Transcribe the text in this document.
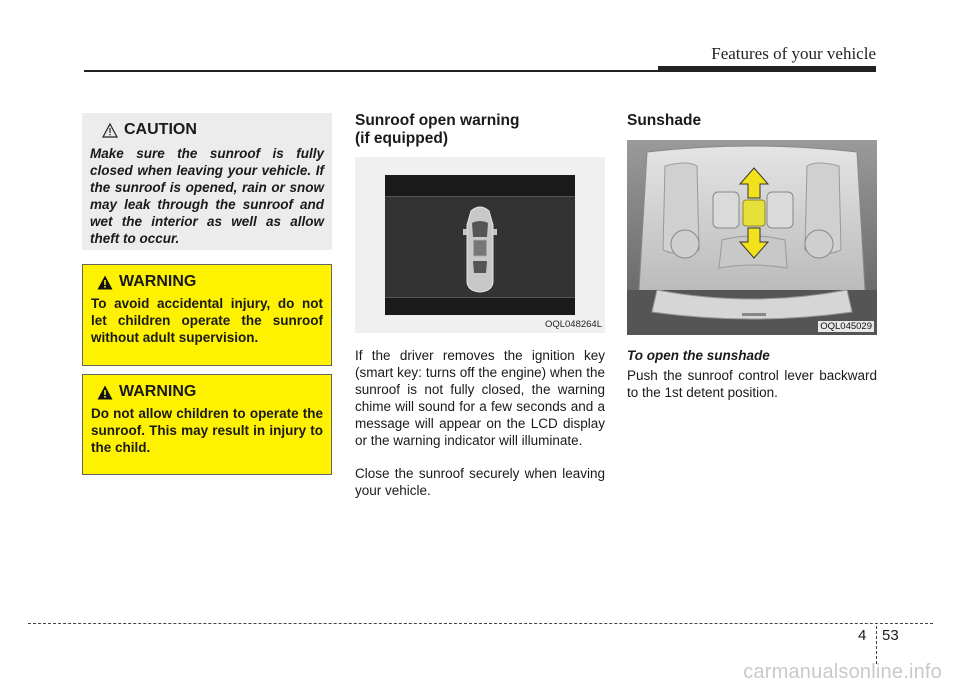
Features of your vehicle
CAUTION
Make sure the sunroof is fully closed when leaving your vehicle. If the sunroof is opened, rain or snow may leak through the sunroof and wet the interior as well as allow theft to occur.
WARNING
To avoid accidental injury, do not let children operate the sunroof without adult supervision.
WARNING
Do not allow children to operate the sunroof. This may result in injury to the child.
Sunroof open warning
(if equipped)
OQL048264L

If the driver removes the ignition key (smart key: turns off the engine) when the sunroof is not fully closed, the warning chime will sound for a few seconds and a message will appear on the LCD display or the warning indicator will illuminate.

Close the sunroof securely when leaving your vehicle.

Sunshade
OQL045029
To open the sunshade

Push the sunroof control lever backward to the 1st detent position.

4 53
carmanualsonline.info
